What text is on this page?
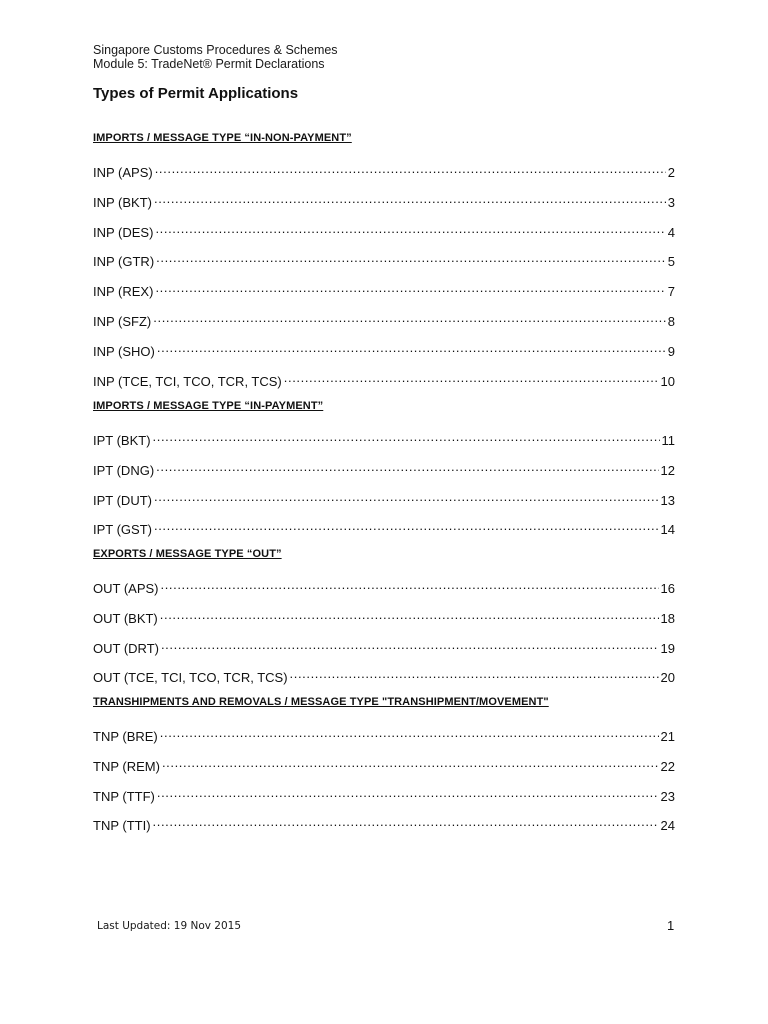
Singapore Customs Procedures & Schemes
Module 5: TradeNet® Permit Declarations
Types of Permit Applications
IMPORTS / MESSAGE TYPE “IN-NON-PAYMENT”
INP (APS) .....	2
INP (BKT) .....	3
INP (DES) .....	4
INP (GTR) .....	5
INP (REX) .....	7
INP (SFZ) .....	8
INP (SHO) .....	9
INP (TCE, TCI, TCO, TCR, TCS) .....	10
IMPORTS / MESSAGE TYPE “IN-PAYMENT”
IPT (BKT) .....	11
IPT (DNG) .....	12
IPT (DUT) .....	13
IPT (GST) .....	14
EXPORTS / MESSAGE TYPE “OUT”
OUT (APS) .....	16
OUT (BKT) .....	18
OUT (DRT) .....	19
OUT (TCE, TCI, TCO, TCR, TCS) .....	20
TRANSHIPMENTS AND REMOVALS / MESSAGE TYPE "TRANSHIPMENT/MOVEMENT"
TNP (BRE) .....	21
TNP (REM) .....	22
TNP (TTF) .....	23
TNP (TTI) .....	24
Last Updated: 19 Nov 2015	1
